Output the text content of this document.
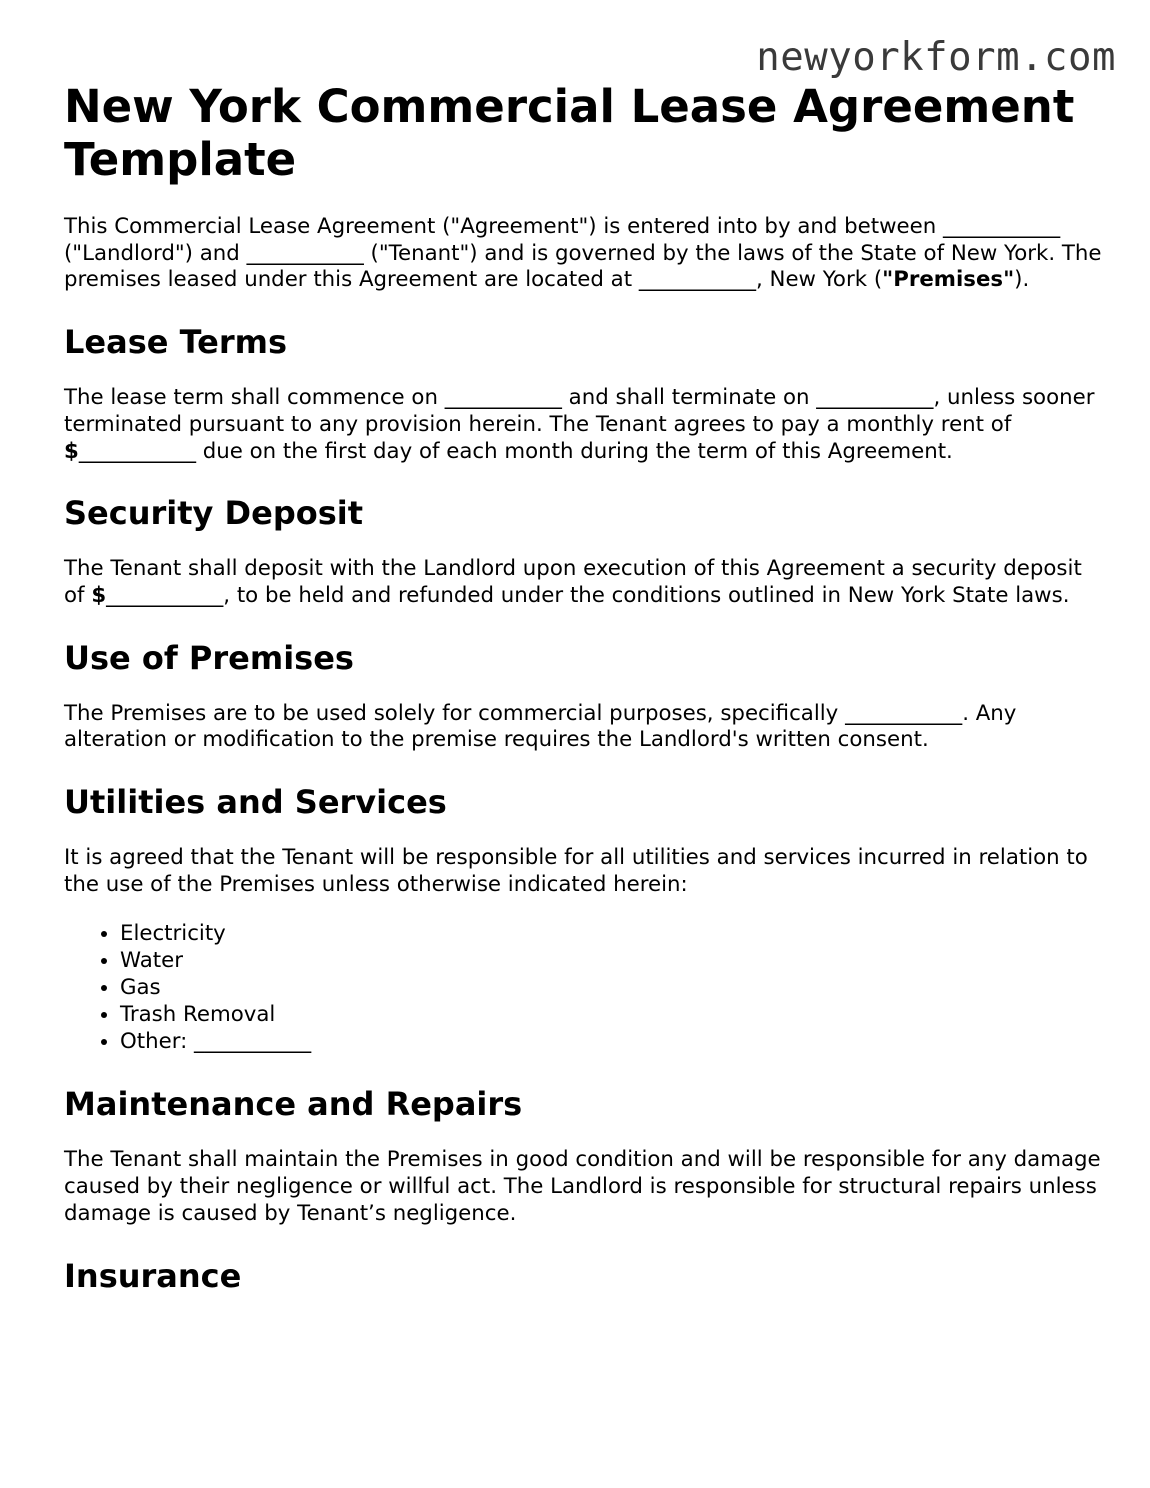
newyorkform.com
New York Commercial Lease Agreement Template

This Commercial Lease Agreement ("Agreement") is entered into by and between ___________ ("Landlord") and ___________ ("Tenant") and is governed by the laws of the State of New York. The premises leased under this Agreement are located at ___________, New York ("Premises").

Lease Terms

The lease term shall commence on ___________ and shall terminate on ___________, unless sooner terminated pursuant to any provision herein. The Tenant agrees to pay a monthly rent of $___________ due on the first day of each month during the term of this Agreement.

Security Deposit

The Tenant shall deposit with the Landlord upon execution of this Agreement a security deposit of $___________, to be held and refunded under the conditions outlined in New York State laws.

Use of Premises

The Premises are to be used solely for commercial purposes, specifically ___________. Any alteration or modification to the premise requires the Landlord's written consent.

Utilities and Services

It is agreed that the Tenant will be responsible for all utilities and services incurred in relation to the use of the Premises unless otherwise indicated herein:

• Electricity
• Water
• Gas
• Trash Removal
• Other: ___________
Maintenance and Repairs

The Tenant shall maintain the Premises in good condition and will be responsible for any damage caused by their negligence or willful act. The Landlord is responsible for structural repairs unless damage is caused by Tenant’s negligence.

Insurance
